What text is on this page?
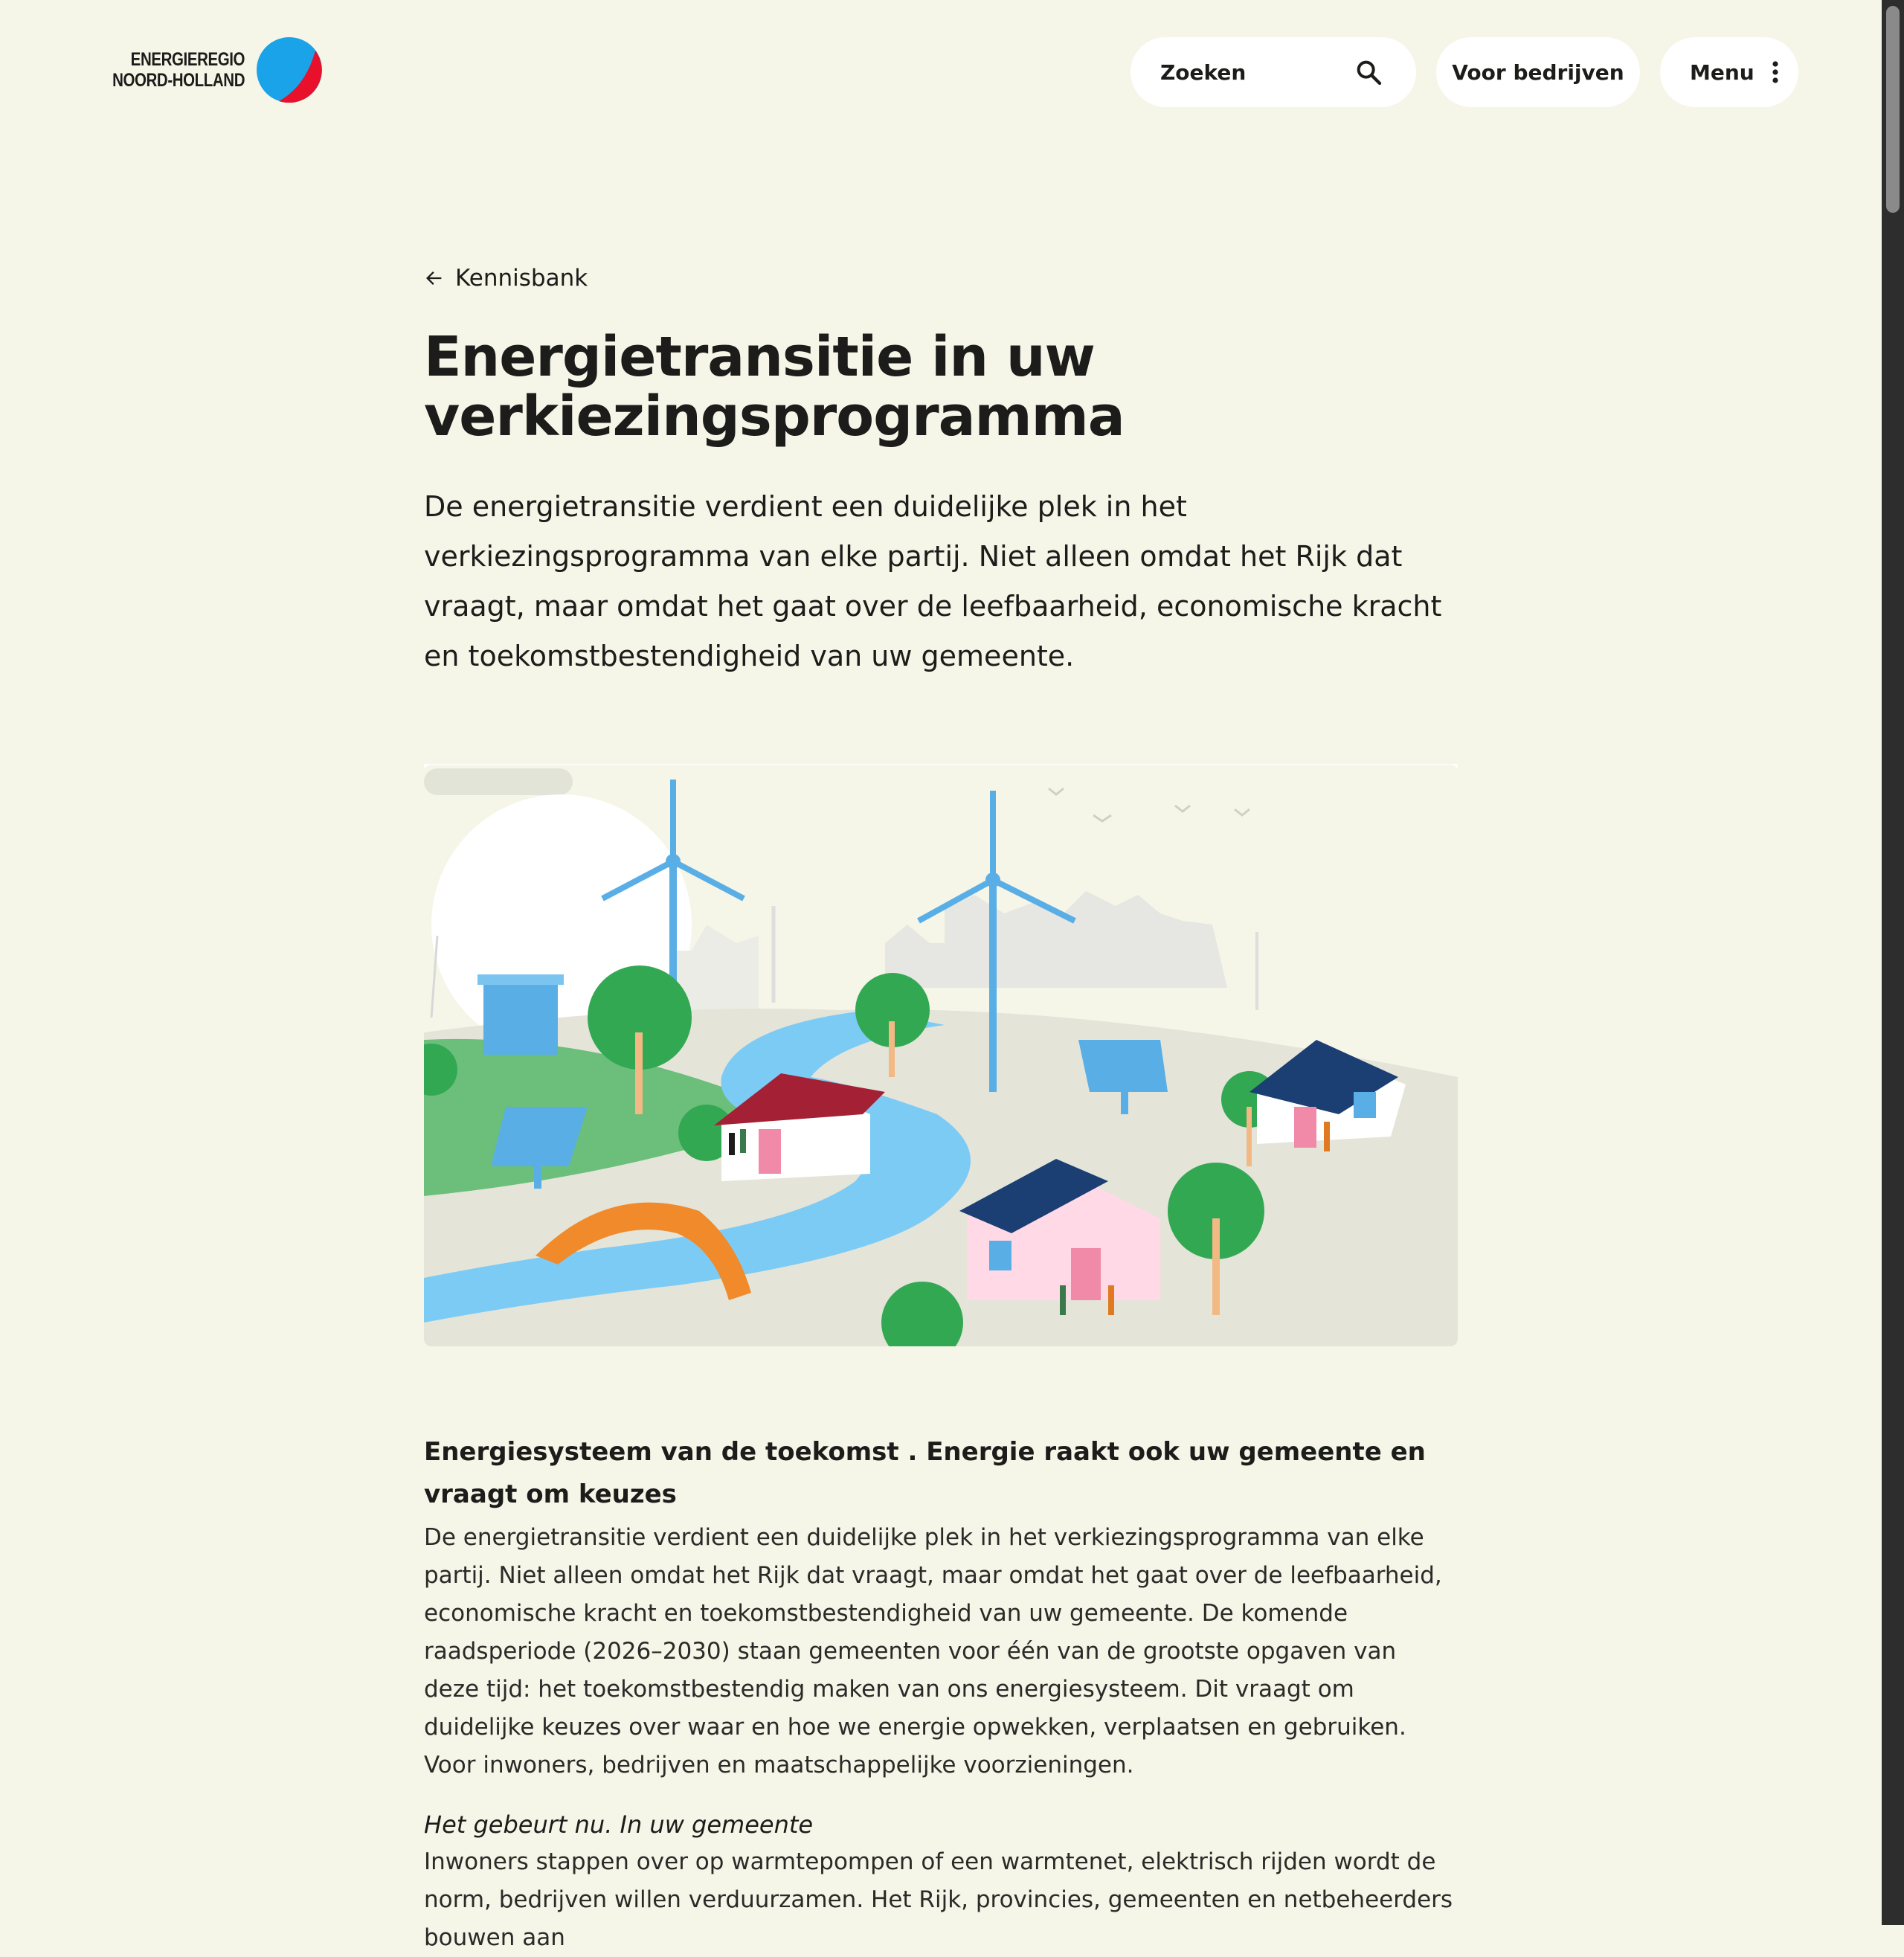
ENERGIEREGIO
NOORD-HOLLAND	Zoeken	Voor bedrijven	Menu
Kennisbank
Energietransitie in uw verkiezingsprogramma

De energietransitie verdient een duidelijke plek in het verkiezingsprogramma van elke partij. Niet alleen omdat het Rijk dat vraagt, maar omdat het gaat over de leefbaarheid, economische kracht en toekomstbestendigheid van uw gemeente.

Energiesysteem van de toekomst . Energie raakt ook uw gemeente en vraagt om keuzes

De energietransitie verdient een duidelijke plek in het verkiezingsprogramma van elke partij. Niet alleen omdat het Rijk dat vraagt, maar omdat het gaat over de leefbaarheid, economische kracht en toekomstbestendigheid van uw gemeente. De komende raadsperiode (2026–2030) staan gemeenten voor één van de grootste opgaven van deze tijd: het toekomstbestendig maken van ons energiesysteem. Dit vraagt om duidelijke keuzes over waar en hoe we energie opwekken, verplaatsen en gebruiken. Voor inwoners, bedrijven en maatschappelijke voorzieningen.

Het gebeurt nu. In uw gemeente

Inwoners stappen over op warmtepompen of een warmtenet, elektrisch rijden wordt de norm, bedrijven willen verduurzamen. Het Rijk, provincies, gemeenten en netbeheerders bouwen aan
